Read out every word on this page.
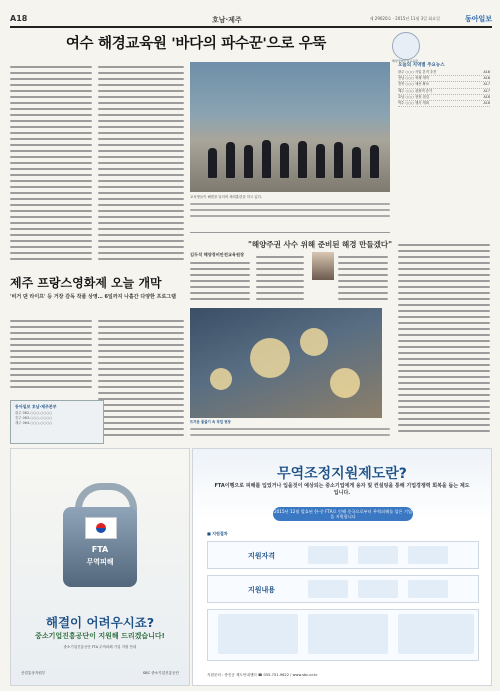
A18	호남·제주	제 29020호 · 2015년 11월 3일 화요일	동아일보
여수 해경교육원 '바다의 파수꾼'으로 우뚝
해양경비안전교육원
교육생들이 해변을 달리며 체력훈련을 하고 있다.
"해양주권 사수 위해 준비된 해경 만들겠다"
김두석 해양경비안전교육원장
오늘의 지역별 주요뉴스
광주 ○○○ 사업 본격 추진	A16
전남 ○○○ 축제 개막	A16
전북 ○○○ 예산 확보	A17
제주 ○○○ 관광객 증가	A17
호남 ○○○ 현장 점검	A18
여수 ○○○ 행사 개최	A18
제주 프랑스영화제 오늘 개막
'비거 댄 라이프' 등 거장 감독 작품 상영… 6일까지 나흘간 다양한 프로그램
동아일보 호남·제주본부
광주 062-○○○-○○○○
전주 063-○○○-○○○○
제주 064-○○○-○○○○	뜨거운 물줄기 속 작업 현장
FTA
무역피해
해결이 어려우시죠?
중소기업진흥공단이 지원해 드리겠습니다!
중소기업진흥공단 FTA 무역피해 기업 지원 안내
산업통상자원부	SBC 중소기업진흥공단
무역조정지원제도란?
FTA이행으로 피해를 입었거나 입을것이 예상되는 중소기업에게 융자 및 컨설팅을 통해 기업경쟁력 회복을 돕는 제도입니다.
2015년 12월 발효된 한-중 FTA로 인해 중국으로부터 무역피해를 입은 기업을 지원합니다
■ 지원절차
지원자격
지원내용
지원문의 : 중진공 제도안내센터 ☎ 055-751-9622 / www.sbc.or.kr
